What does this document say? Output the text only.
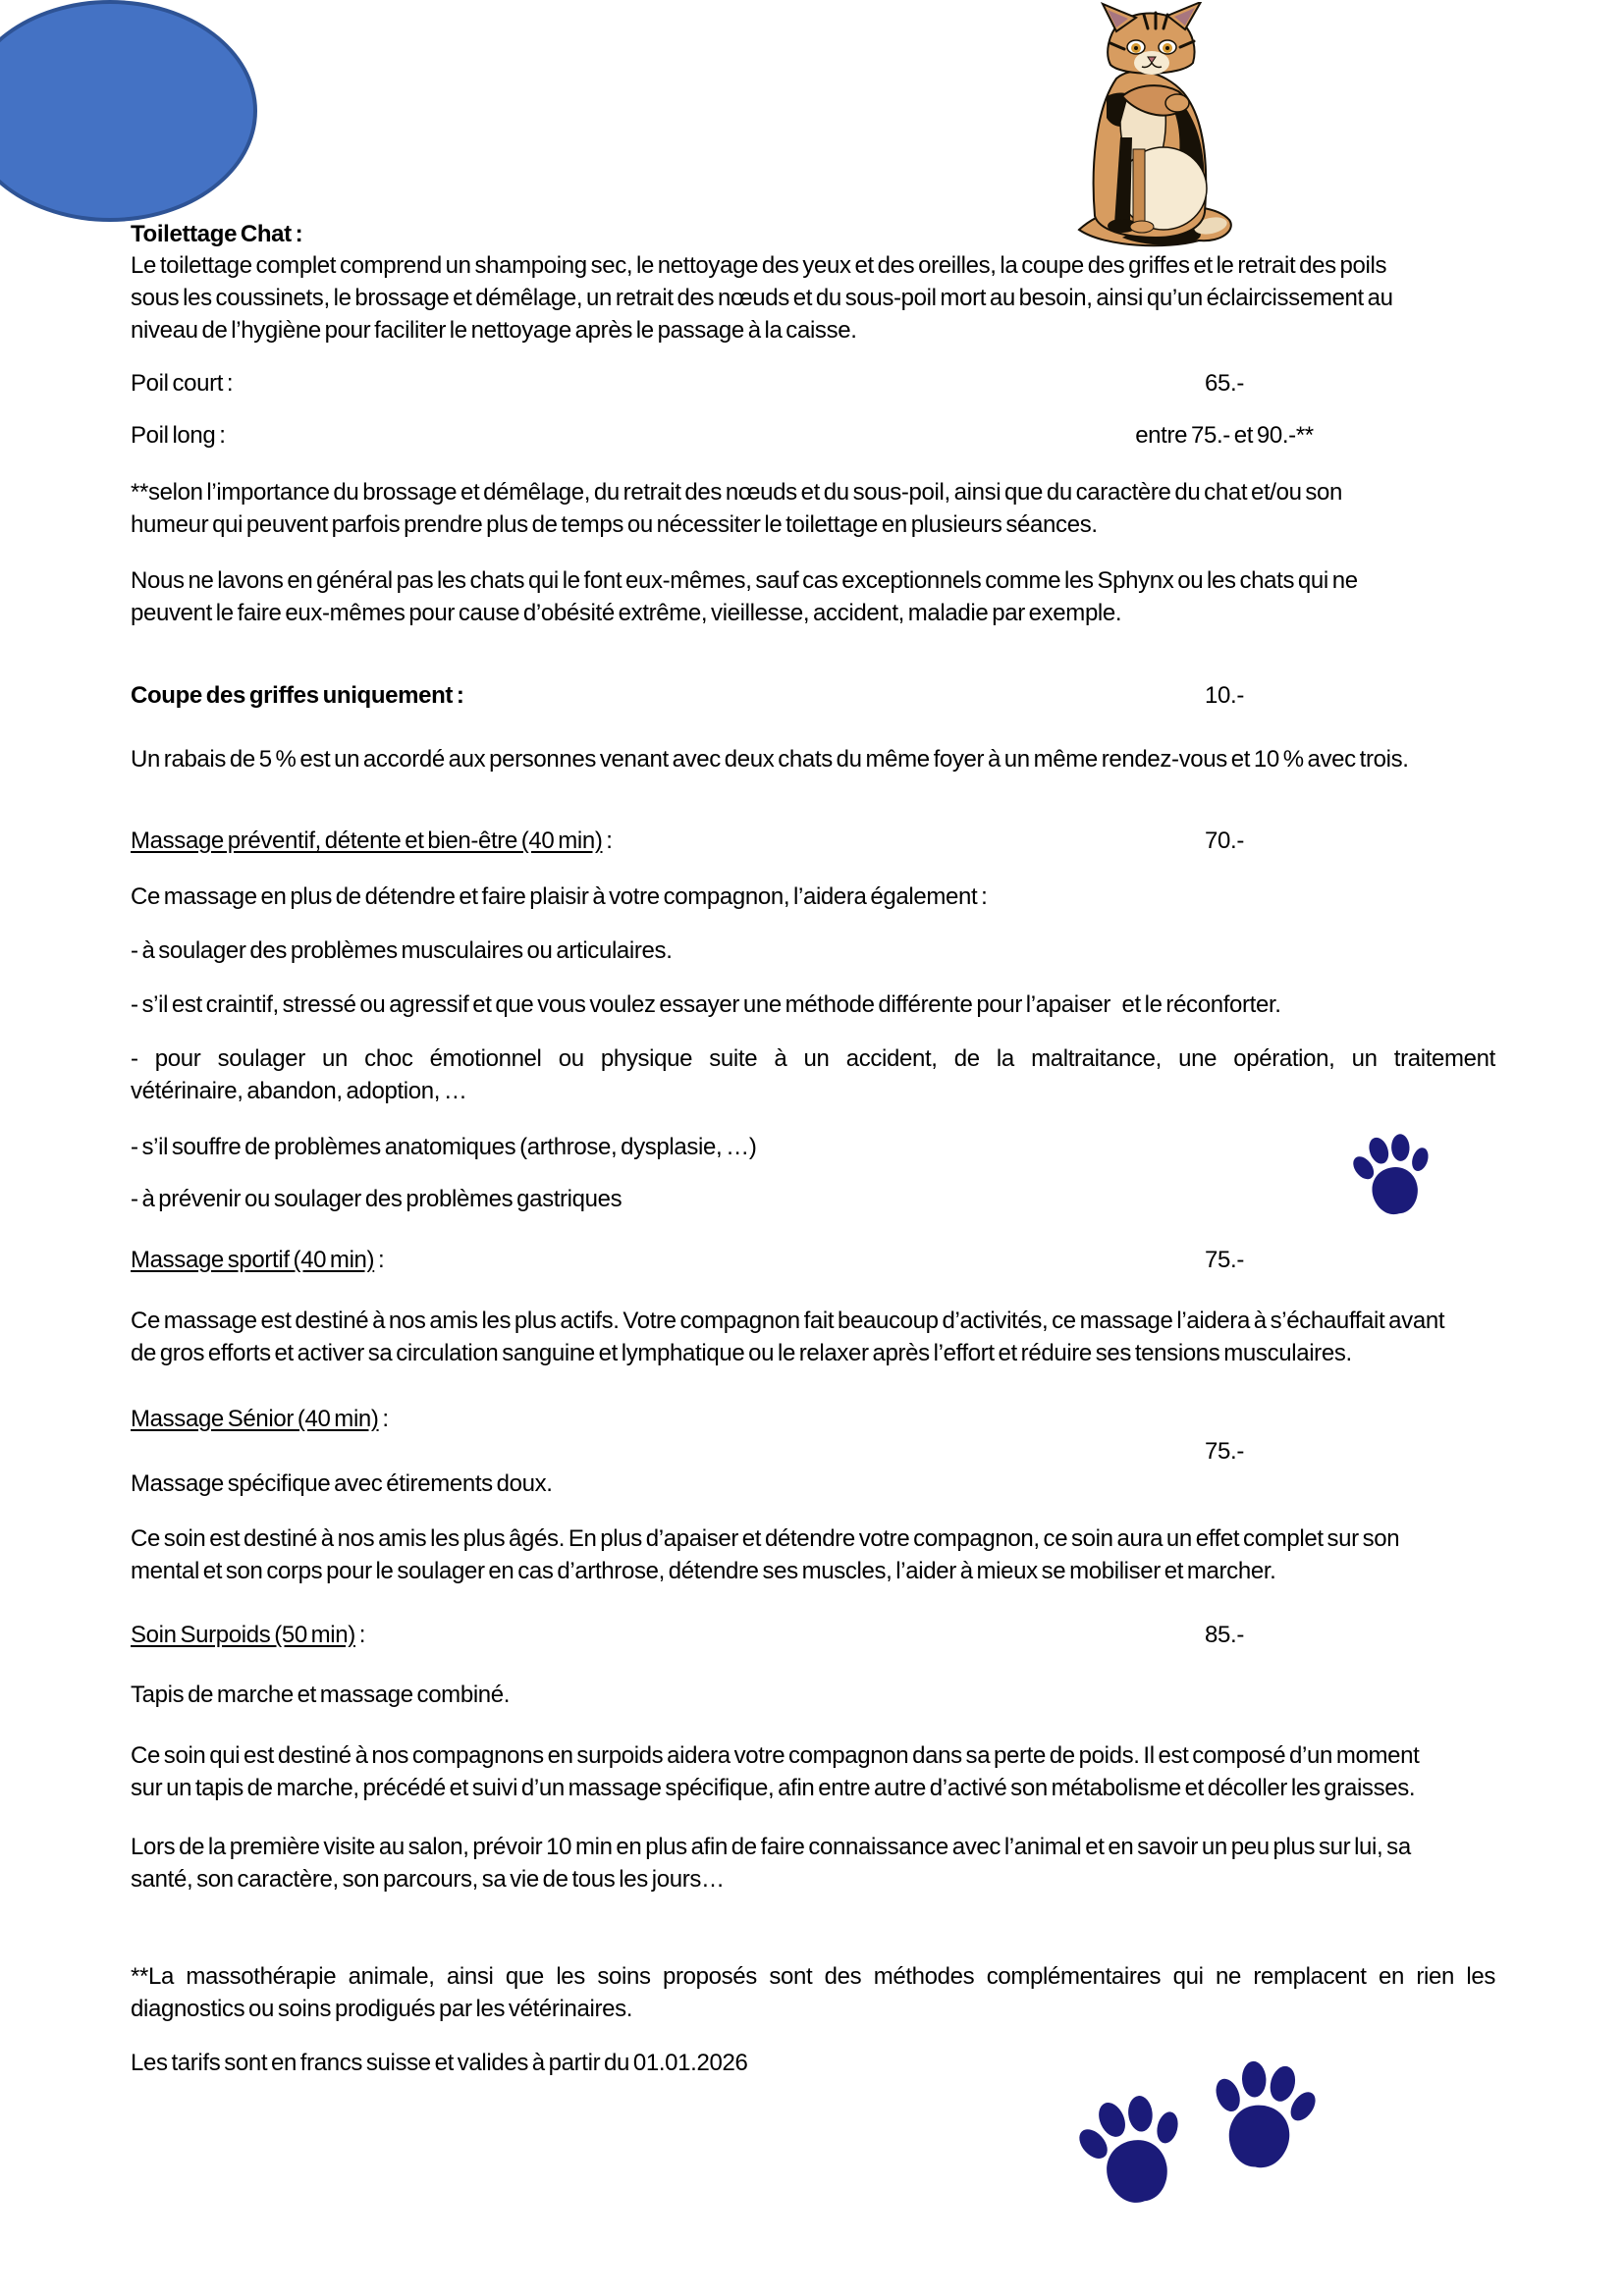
Toilettage Chat :
Le toilettage complet comprend un shampoing sec, le nettoyage des yeux et des oreilles, la coupe des griffes et le retrait des poils
sous les coussinets, le brossage et démêlage, un retrait des nœuds et du sous-poil mort au besoin, ainsi qu’un éclaircissement au
niveau de l’hygiène pour faciliter le nettoyage après le passage à la caisse.
Poil court :	65.-
Poil long :	entre 75.- et 90.-**
**selon l’importance du brossage et démêlage, du retrait des nœuds et du sous-poil, ainsi que du caractère du chat et/ou son
humeur qui peuvent parfois prendre plus de temps ou nécessiter le toilettage en plusieurs séances.
Nous ne lavons en général pas les chats qui le font eux-mêmes, sauf cas exceptionnels comme les Sphynx ou les chats qui ne
peuvent le faire eux-mêmes pour cause d’obésité extrême, vieillesse, accident, maladie par exemple.
Coupe des griffes uniquement :	10.-
Un rabais de 5 % est un accordé aux personnes venant avec deux chats du même foyer à un même rendez-vous et 10 % avec trois.
Massage préventif, détente et bien-être (40 min) :	70.-
Ce massage en plus de détendre et faire plaisir à votre compagnon, l’aidera également :
- à soulager des problèmes musculaires ou articulaires.
- s’il est craintif, stressé ou agressif et que vous voulez essayer une méthode différente pour l’apaiser   et le réconforter.
- pour soulager un choc émotionnel ou physique suite à un accident, de la maltraitance, une opération, un traitement
vétérinaire, abandon, adoption, …
- s’il souffre de problèmes anatomiques (arthrose, dysplasie, …)
- à prévenir ou soulager des problèmes gastriques
Massage sportif (40 min) :	75.-
Ce massage est destiné à nos amis les plus actifs. Votre compagnon fait beaucoup d’activités, ce massage l’aidera à s’échauffait avant
de gros efforts et activer sa circulation sanguine et lymphatique ou le relaxer après l’effort et réduire ses tensions musculaires.
Massage Sénior (40 min) :
75.-
Massage spécifique avec étirements doux.
Ce soin est destiné à nos amis les plus âgés. En plus d’apaiser et détendre votre compagnon, ce soin aura un effet complet sur son
mental et son corps pour le soulager en cas d’arthrose, détendre ses muscles, l’aider à mieux se mobiliser et marcher.
Soin Surpoids (50 min) :	85.-
Tapis de marche et massage combiné.
Ce soin qui est destiné à nos compagnons en surpoids aidera votre compagnon dans sa perte de poids. Il est composé d’un moment
sur un tapis de marche, précédé et suivi d’un massage spécifique, afin entre autre d’activé son métabolisme et décoller les graisses.
Lors de la première visite au salon, prévoir 10 min en plus afin de faire connaissance avec l’animal et en savoir un peu plus sur lui, sa
santé, son caractère, son parcours, sa vie de tous les jours…
**La massothérapie animale, ainsi que les soins proposés sont des méthodes complémentaires qui ne remplacent en rien les
diagnostics ou soins prodigués par les vétérinaires.
Les tarifs sont en francs suisse et valides à partir du 01.01.2026
